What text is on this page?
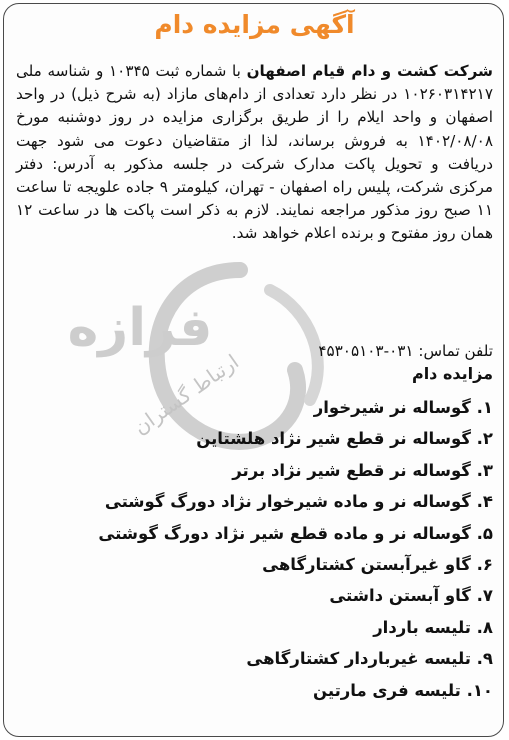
فرازه
ارتباط گستران
آگهی مزایده دام
شرکت کشت و دام قیام اصفهان با شماره ثبت ۱۰۳۴۵ و شناسه ملی ۱۰۲۶۰۳۱۴۲۱۷ در نظر دارد تعدادی از دام‌های مازاد (به شرح ذیل) در واحد اصفهان و واحد ایلام را از طریق برگزاری مزایده در روز دوشنبه مورخ ۱۴۰۲/۰۸/۰۸ به فروش برساند، لذا از متقاضیان دعوت می شود جهت دریافت و تحویل پاکت مدارک شرکت در جلسه مذکور به آدرس: دفتر مرکزی شرکت، پلیس راه اصفهان - تهران، کیلومتر ۹ جاده علویجه تا ساعت ۱۱ صبح روز مذکور مراجعه نمایند. لازم به ذکر است پاکت ها در ساعت ۱۲ همان روز مفتوح و برنده اعلام خواهد شد.
تلفن تماس: ۰۳۱-۴۵۳۰۵۱۰۳
مزایده دام
۱. گوساله نر شیرخوار
۲. گوساله نر قطع شیر نژاد هلشتاین
۳. گوساله نر قطع شیر نژاد برتر
۴. گوساله نر و ماده شیرخوار نژاد دورگ گوشتی
۵. گوساله نر و ماده قطع شیر نژاد دورگ گوشتی
۶. گاو غیرآبستن کشتارگاهی
۷. گاو آبستن داشتی
۸. تلیسه باردار
۹. تلیسه غیرباردار کشتارگاهی
۱۰. تلیسه فری مارتین
